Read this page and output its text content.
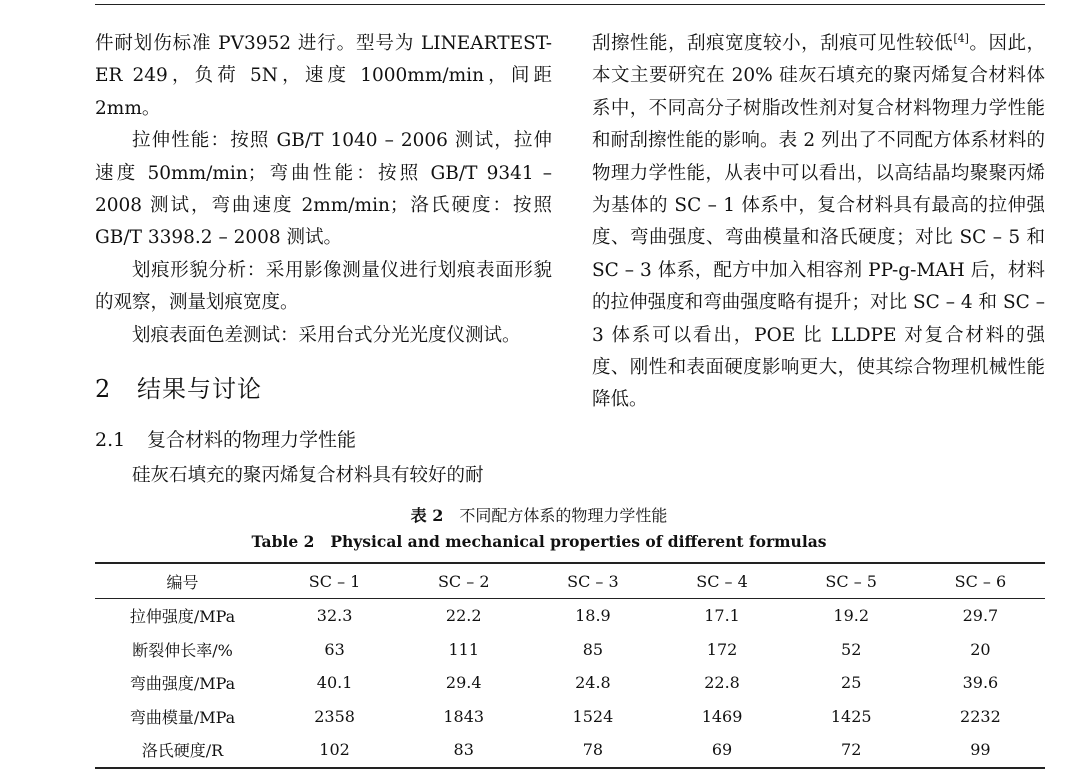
件耐划伤标准 PV3952 进行。型号为 LINEARTEST-ER 249，负荷 5N，速度 1000mm/min，间距 2mm。

拉伸性能：按照 GB/T 1040 – 2006 测试，拉伸速度 50mm/min；弯曲性能：按照 GB/T 9341 – 2008 测试，弯曲速度 2mm/min；洛氏硬度：按照 GB/T 3398.2 – 2008 测试。

划痕形貌分析：采用影像测量仪进行划痕表面形貌的观察，测量划痕宽度。

划痕表面色差测试：采用台式分光光度仪测试。

2 结果与讨论

2.1 复合材料的物理力学性能

硅灰石填充的聚丙烯复合材料具有较好的耐

刮擦性能，刮痕宽度较小，刮痕可见性较低[4]。因此，本文主要研究在 20% 硅灰石填充的聚丙烯复合材料体系中，不同高分子树脂改性剂对复合材料物理力学性能和耐刮擦性能的影响。表 2 列出了不同配方体系材料的物理力学性能，从表中可以看出，以高结晶均聚聚丙烯为基体的 SC – 1 体系中，复合材料具有最高的拉伸强度、弯曲强度、弯曲模量和洛氏硬度；对比 SC – 5 和 SC – 3 体系，配方中加入相容剂 PP-g-MAH 后，材料的拉伸强度和弯曲强度略有提升；对比 SC – 4 和 SC – 3 体系可以看出，POE 比 LLDPE 对复合材料的强度、刚性和表面硬度影响更大，使其综合物理机械性能降低。

表 2 不同配方体系的物理力学性能
Table 2 Physical and mechanical properties of different formulas
编号	SC – 1	SC – 2	SC – 3	SC – 4	SC – 5	SC – 6
拉伸强度/MPa	32.3	22.2	18.9	17.1	19.2	29.7
断裂伸长率/%	63	111	85	172	52	20
弯曲强度/MPa	40.1	29.4	24.8	22.8	25	39.6
弯曲模量/MPa	2358	1843	1524	1469	1425	2232
洛氏硬度/R	102	83	78	69	72	99
